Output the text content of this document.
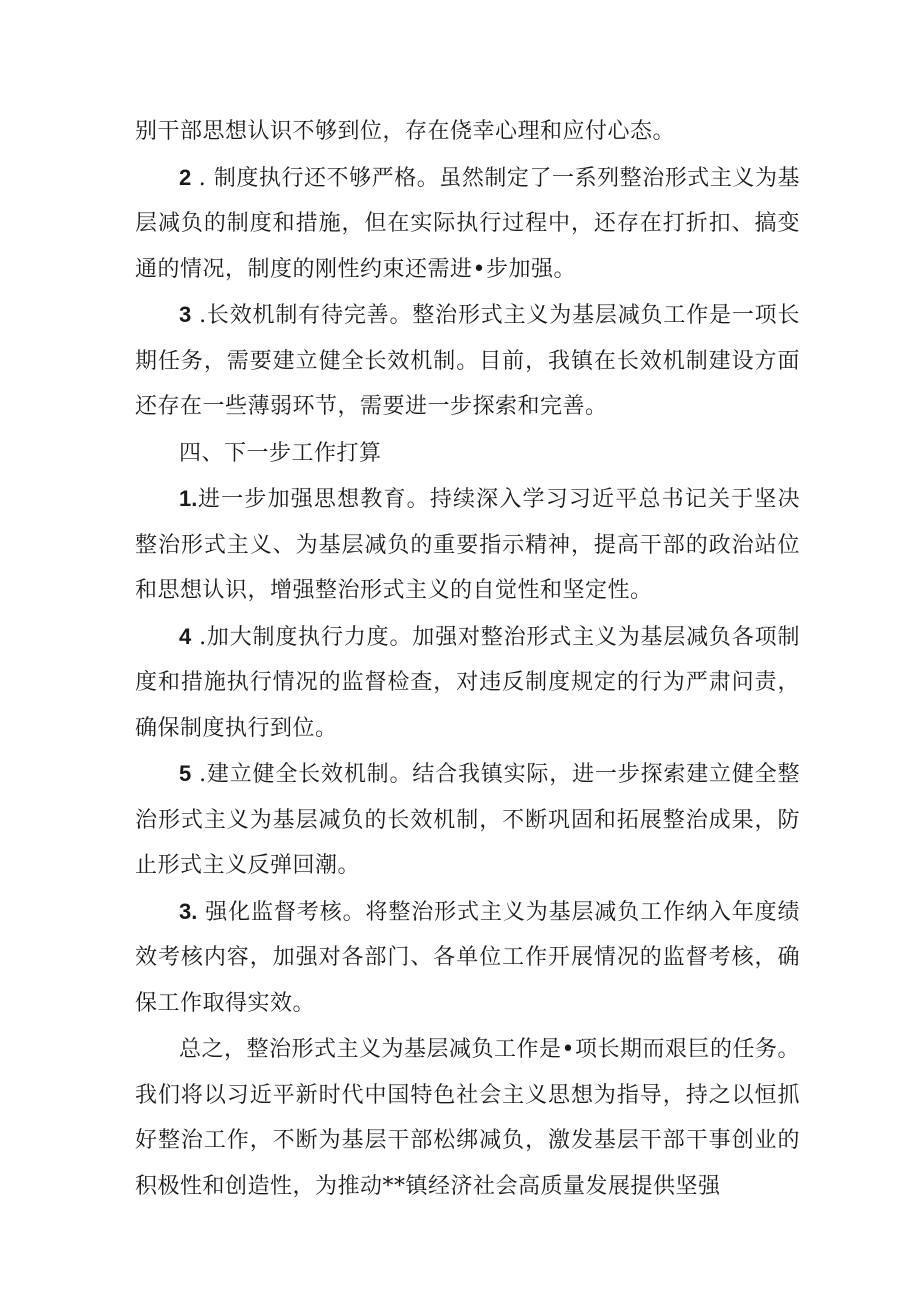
别干部思想认识不够到位，存在侥幸心理和应付心态。

2 . 制度执行还不够严格。虽然制定了一系列整治形式主义为基层减负的制度和措施，但在实际执行过程中，还存在打折扣、搞变通的情况，制度的刚性约束还需进•步加强。

3 .长效机制有待完善。整治形式主义为基层减负工作是一项长期任务，需要建立健全长效机制。目前，我镇在长效机制建设方面还存在一些薄弱环节，需要进一步探索和完善。

四、下一步工作打算

1.进一步加强思想教育。持续深入学习习近平总书记关于坚决整治形式主义、为基层减负的重要指示精神，提高干部的政治站位和思想认识，增强整治形式主义的自觉性和坚定性。

4 .加大制度执行力度。加强对整治形式主义为基层减负各项制度和措施执行情况的监督检查，对违反制度规定的行为严肃问责，确保制度执行到位。

5 .建立健全长效机制。结合我镇实际，进一步探索建立健全整治形式主义为基层减负的长效机制，不断巩固和拓展整治成果，防止形式主义反弹回潮。

3. 强化监督考核。将整治形式主义为基层减负工作纳入年度绩效考核内容，加强对各部门、各单位工作开展情况的监督考核，确保工作取得实效。

总之，整治形式主义为基层减负工作是•项长期而艰巨的任务。我们将以习近平新时代中国特色社会主义思想为指导，持之以恒抓好整治工作，不断为基层干部松绑减负，激发基层干部干事创业的积极性和创造性，为推动**镇经济社会高质量发展提供坚强
